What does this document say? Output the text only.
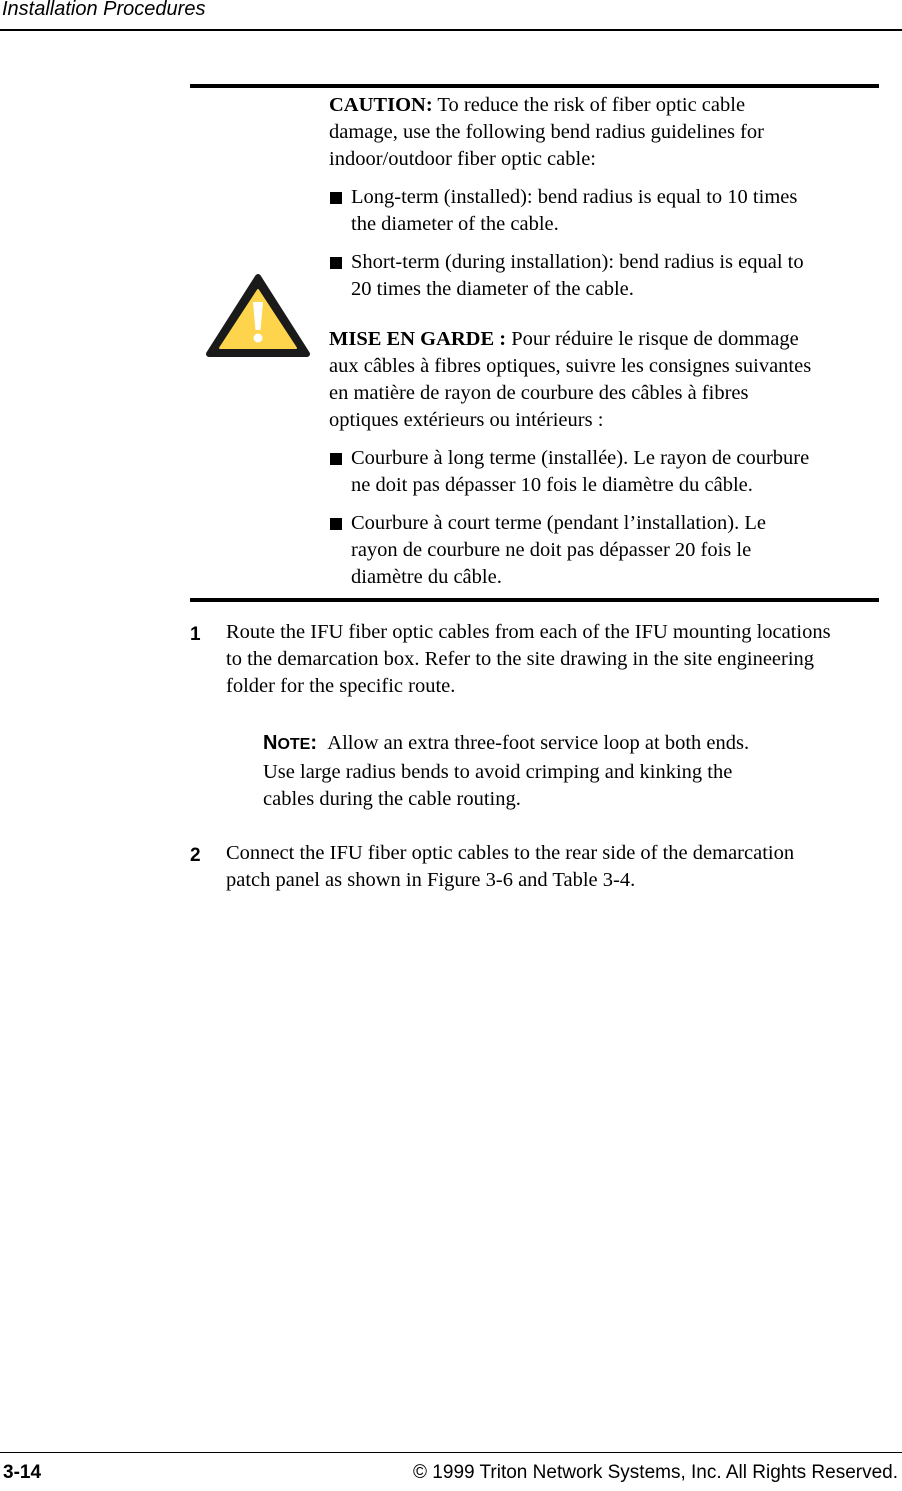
Installation Procedures

CAUTION: To reduce the risk of fiber optic cable
damage, use the following bend radius guidelines for
indoor/outdoor fiber optic cable:

Long-term (installed): bend radius is equal to 10 times
the diameter of the cable.

Short-term (during installation): bend radius is equal to
20 times the diameter of the cable.

MISE EN GARDE : Pour réduire le risque de dommage
aux câbles à fibres optiques, suivre les consignes suivantes
en matière de rayon de courbure des câbles à fibres
optiques extérieurs ou intérieurs :

Courbure à long terme (installée). Le rayon de courbure
ne doit pas dépasser 10 fois le diamètre du câble.

Courbure à court terme (pendant l’installation). Le
rayon de courbure ne doit pas dépasser 20 fois le
diamètre du câble.

1 Route the IFU fiber optic cables from each of the IFU mounting locations
to the demarcation box. Refer to the site drawing in the site engineering
folder for the specific route.
NOTE: Allow an extra three-foot service loop at both ends.
Use large radius bends to avoid crimping and kinking the
cables during the cable routing.
2 Connect the IFU fiber optic cables to the rear side of the demarcation
patch panel as shown in Figure 3-6 and Table 3-4.
3-14	© 1999 Triton Network Systems, Inc. All Rights Reserved.
